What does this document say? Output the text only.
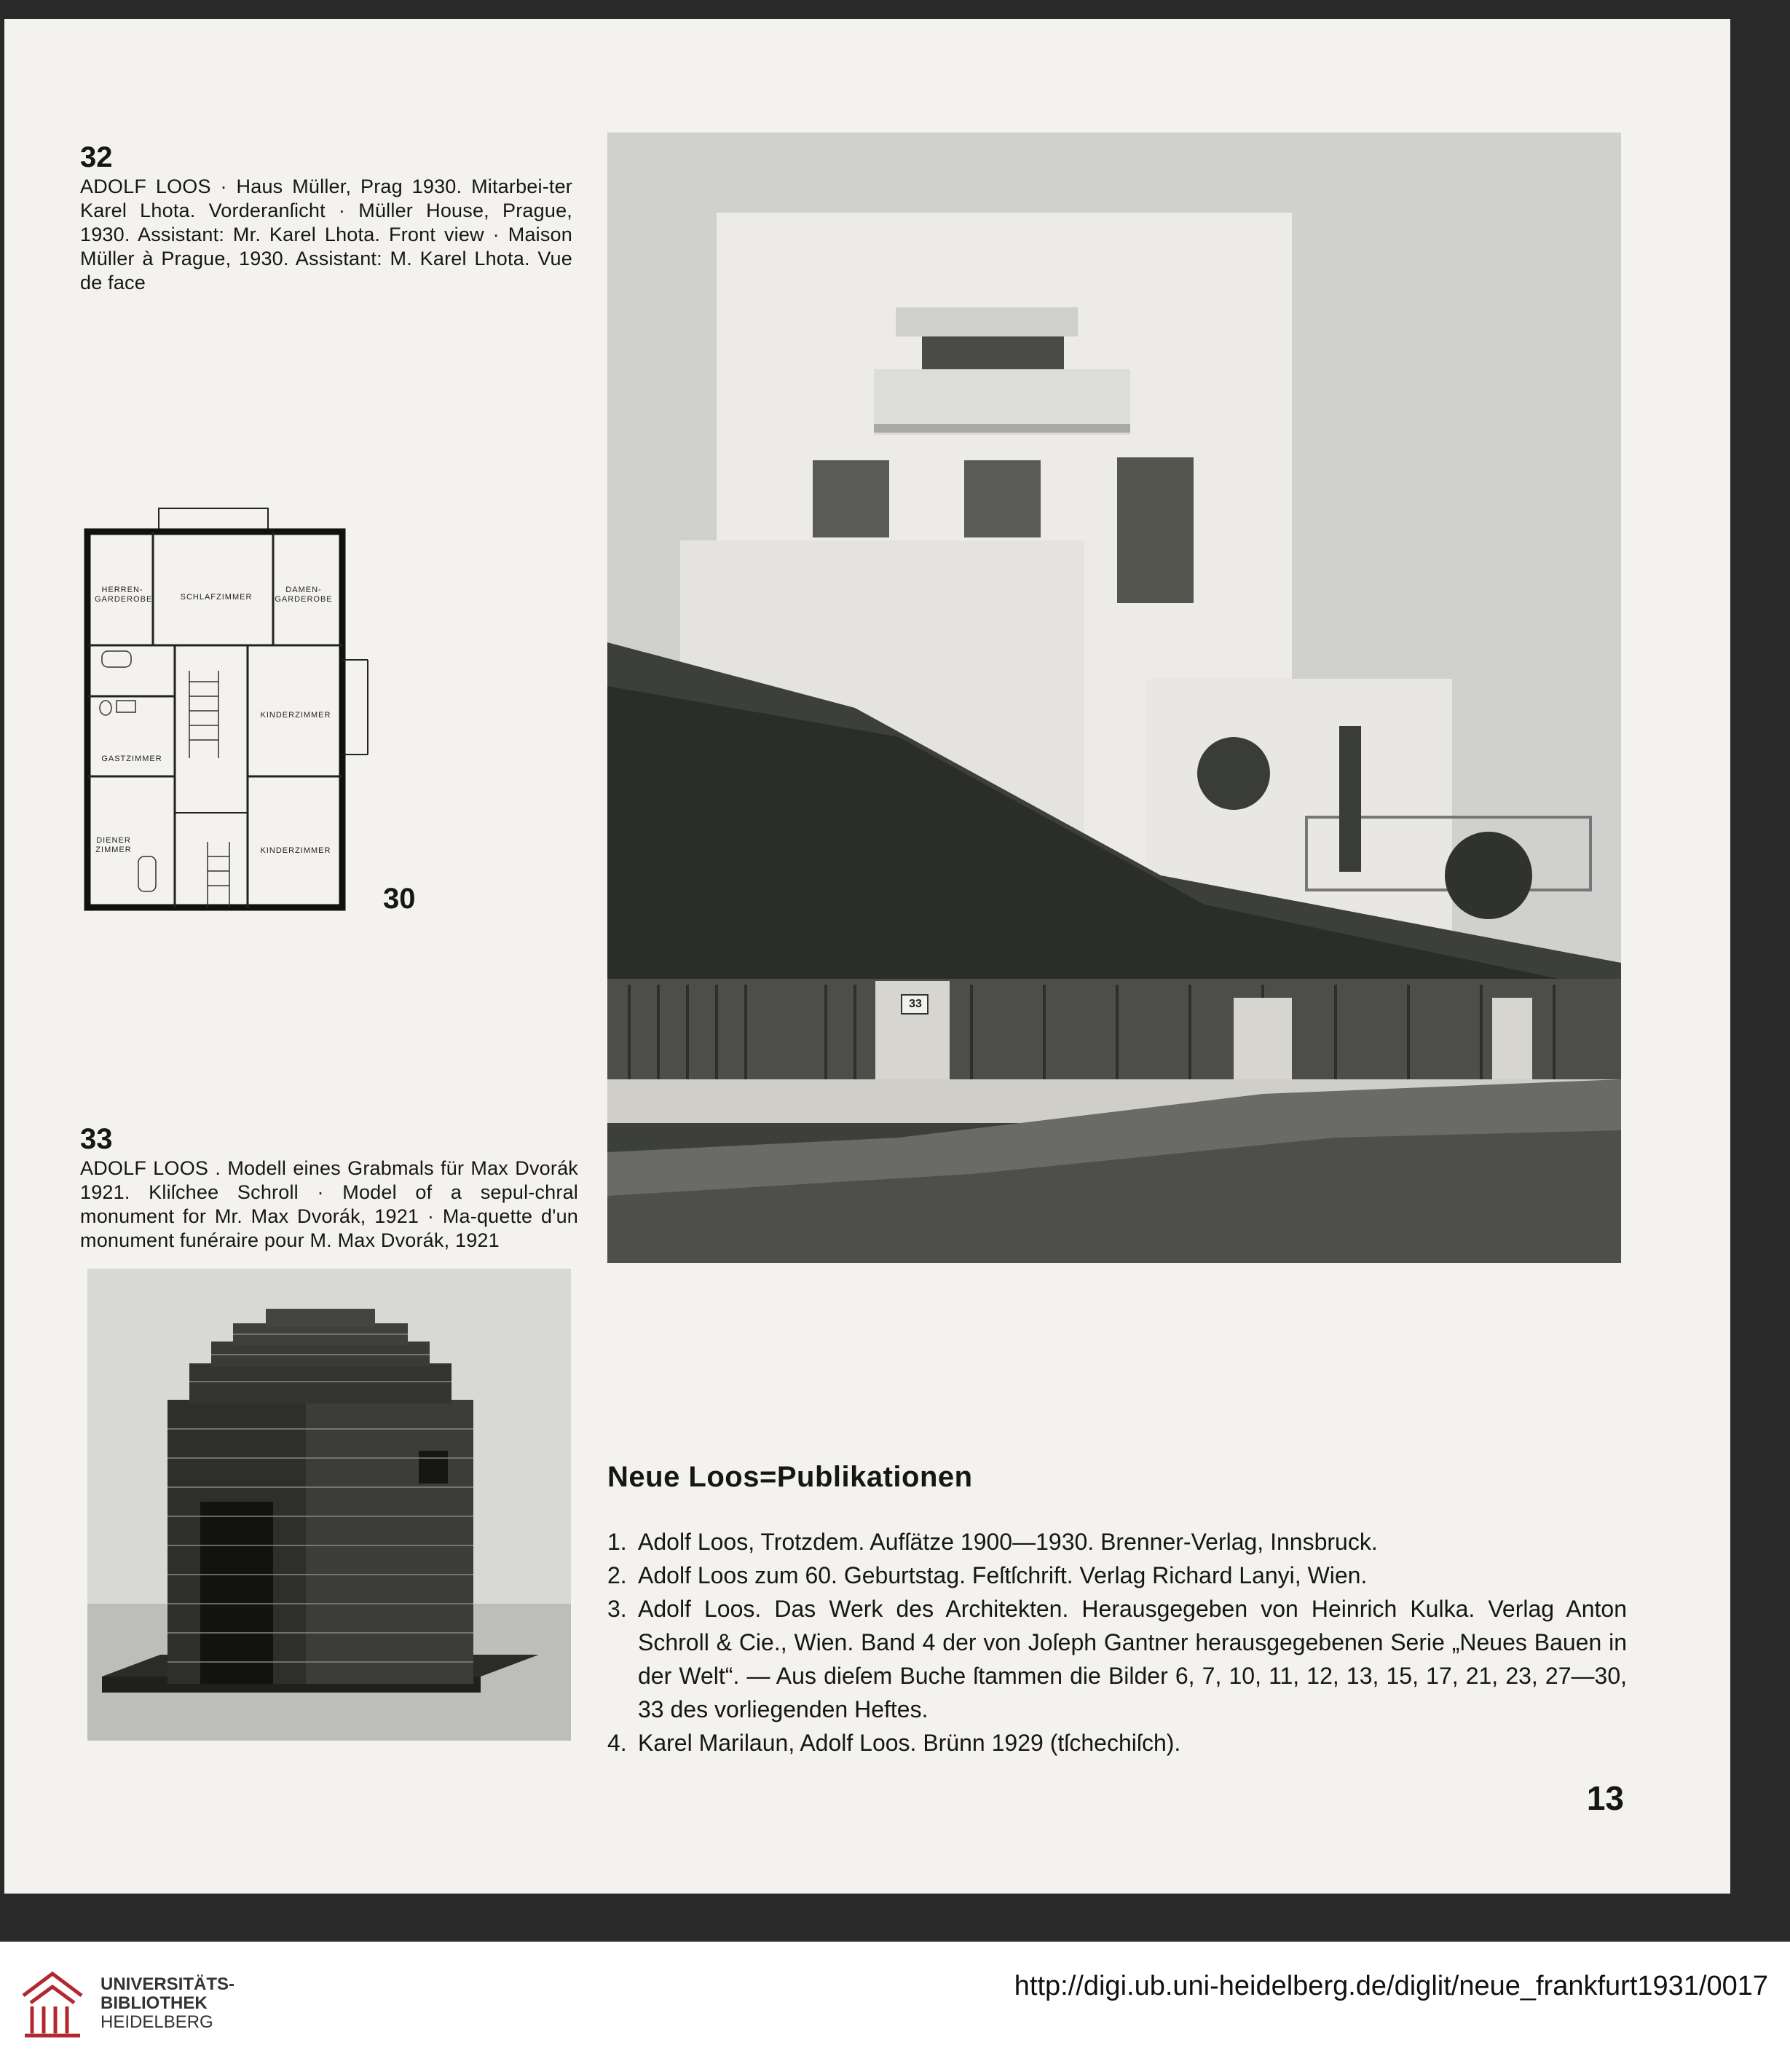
32
ADOLF LOOS · Haus Müller, Prag 1930. Mitarbei-ter Karel Lhota. Vorderanſicht · Müller House, Prague, 1930. Assistant: Mr. Karel Lhota. Front view · Maison Müller à Prague, 1930. Assistant: M. Karel Lhota. Vue de face
HERREN-
GARDEROBE	SCHLAFZIMMER
DAMEN-
GARDEROBE
KINDERZIMMER
GASTZIMMER
DIENER
ZIMMER	KINDERZIMMER
30
33
33
ADOLF LOOS . Modell eines Grabmals für Max Dvorák 1921. Kliſchee Schroll · Model of a sepul-chral monument for Mr. Max Dvorák, 1921 · Ma-quette d'un monument funéraire pour M. Max Dvorák, 1921
Neue Loos=Publikationen
1. Adolf Loos, Trotzdem. Aufſätze 1900—1930. Brenner-Verlag, Innsbruck.
2. Adolf Loos zum 60. Geburtstag. Feſtſchrift. Verlag Richard Lanyi, Wien.
3. Adolf Loos. Das Werk des Architekten. Herausgegeben von Heinrich Kulka. Verlag Anton Schroll & Cie., Wien. Band 4 der von Joſeph Gantner herausgegebenen Serie „Neues Bauen in der Welt“. — Aus dieſem Buche ſtammen die Bilder 6, 7, 10, 11, 12, 13, 15, 17, 21, 23, 27—30, 33 des vorliegenden Heftes.
4. Karel Marilaun, Adolf Loos. Brünn 1929 (tſchechiſch).
13
UNIVERSITÄTS-
BIBLIOTHEK
HEIDELBERG
http://digi.ub.uni-heidelberg.de/diglit/neue_frankfurt1931/0017
